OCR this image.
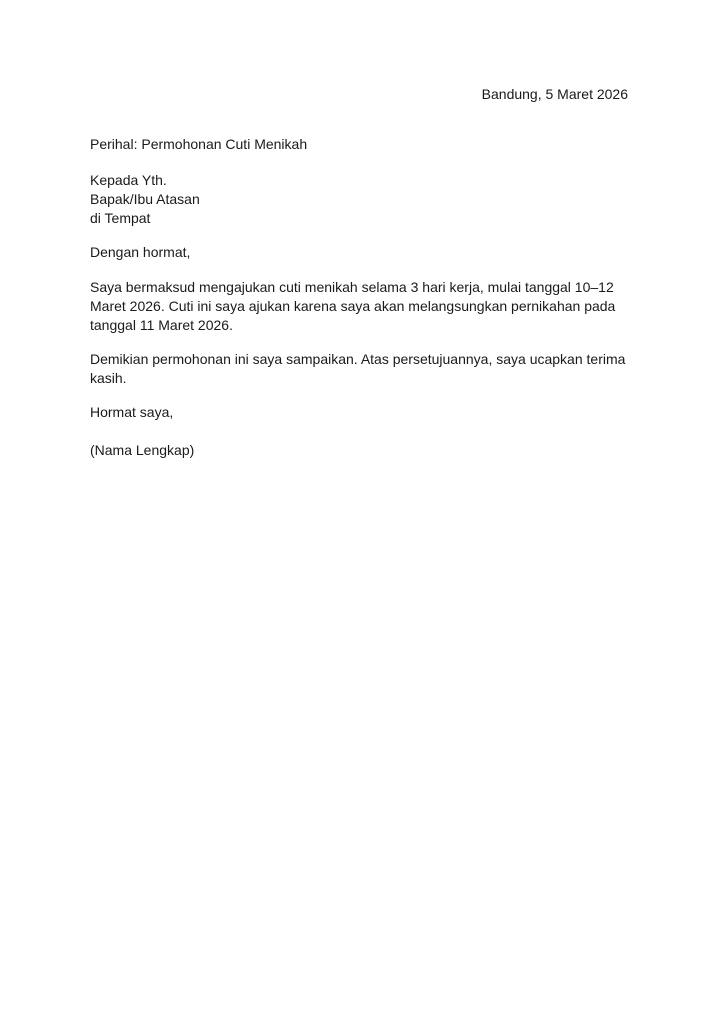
Bandung, 5 Maret 2026
Perihal: Permohonan Cuti Menikah
Kepada Yth.
Bapak/Ibu Atasan
di Tempat
Dengan hormat,

Saya bermaksud mengajukan cuti menikah selama 3 hari kerja, mulai tanggal 10–12 Maret 2026. Cuti ini saya ajukan karena saya akan melangsungkan pernikahan pada tanggal 11 Maret 2026.

Demikian permohonan ini saya sampaikan. Atas persetujuannya, saya ucapkan terima kasih.

Hormat saya,
(Nama Lengkap)
